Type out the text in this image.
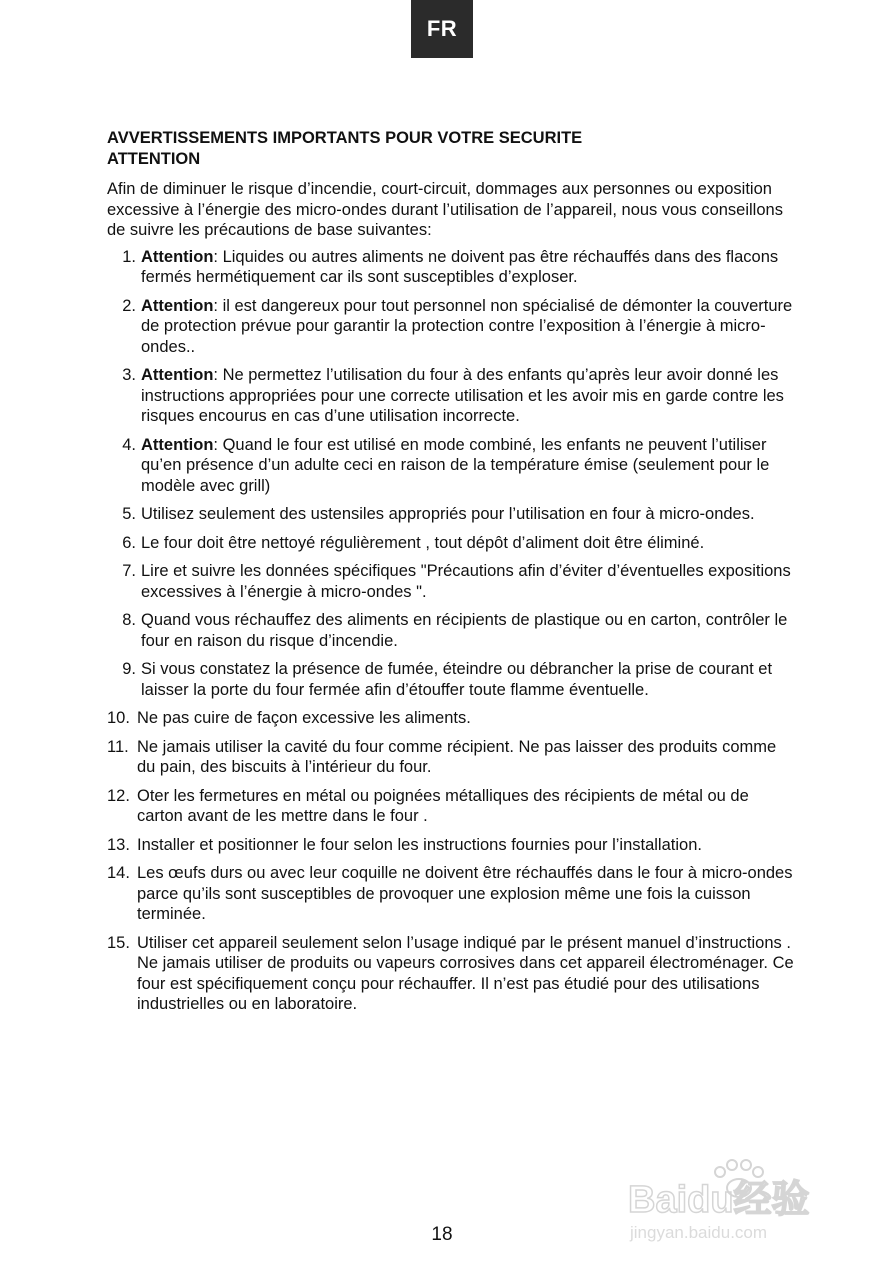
FR

AVVERTISSEMENTS IMPORTANTS POUR VOTRE SECURITE

ATTENTION

Afin de diminuer le risque d’incendie, court-circuit, dommages aux personnes ou exposition excessive à l’énergie des micro-ondes durant l’utilisation de l’appareil, nous vous conseillons de suivre les précautions de base suivantes:

1. Attention: Liquides ou autres aliments ne doivent pas être réchauffés dans des flacons fermés hermétiquement car ils sont susceptibles d’exploser.
2. Attention: il est dangereux pour tout personnel non spécialisé de démonter la couverture de protection prévue pour garantir la protection contre l’exposition à l’énergie à micro-ondes..
3. Attention: Ne permettez l’utilisation du four à des enfants qu’après leur avoir donné les instructions appropriées pour une correcte utilisation et les avoir mis en garde contre les risques encourus en cas d’une utilisation incorrecte.
4. Attention: Quand le four est utilisé en mode combiné, les enfants ne peuvent l’utiliser qu’en présence d’un adulte ceci en raison de la température émise (seulement pour le modèle avec grill)
5. Utilisez seulement des ustensiles appropriés pour l’utilisation en four à micro-ondes.
6. Le four doit être nettoyé régulièrement , tout dépôt d’aliment doit être éliminé.
7. Lire et suivre les données spécifiques "Précautions afin d’éviter d’éventuelles expositions excessives à l’énergie à micro-ondes ".
8. Quand vous réchauffez des aliments en récipients de plastique ou en carton, contrôler le four en raison du risque d’incendie.
9. Si vous constatez la présence de fumée, éteindre ou débrancher la prise de courant et laisser la porte du four fermée afin d’étouffer toute flamme éventuelle.
10. Ne pas cuire de façon excessive les aliments.
11. Ne jamais utiliser la cavité du four comme récipient. Ne pas laisser des produits comme du pain, des biscuits à l’intérieur du four.
12. Oter les fermetures en métal ou poignées métalliques des récipients de métal ou de carton avant de les mettre dans le four .
13. Installer et positionner le four selon les instructions fournies pour l’installation.
14. Les œufs durs ou avec leur coquille ne doivent être réchauffés dans le four à micro-ondes parce qu’ils sont susceptibles de provoquer une explosion même une fois la cuisson terminée.
15. Utiliser cet appareil seulement selon l’usage indiqué par le présent manuel d’instructions . Ne jamais utiliser de produits ou vapeurs corrosives dans cet appareil électroménager. Ce four est spécifiquement conçu pour réchauffer. Il n’est pas étudié pour des utilisations industrielles ou en laboratoire.
Baidu经验
jingyan.baidu.com
18
